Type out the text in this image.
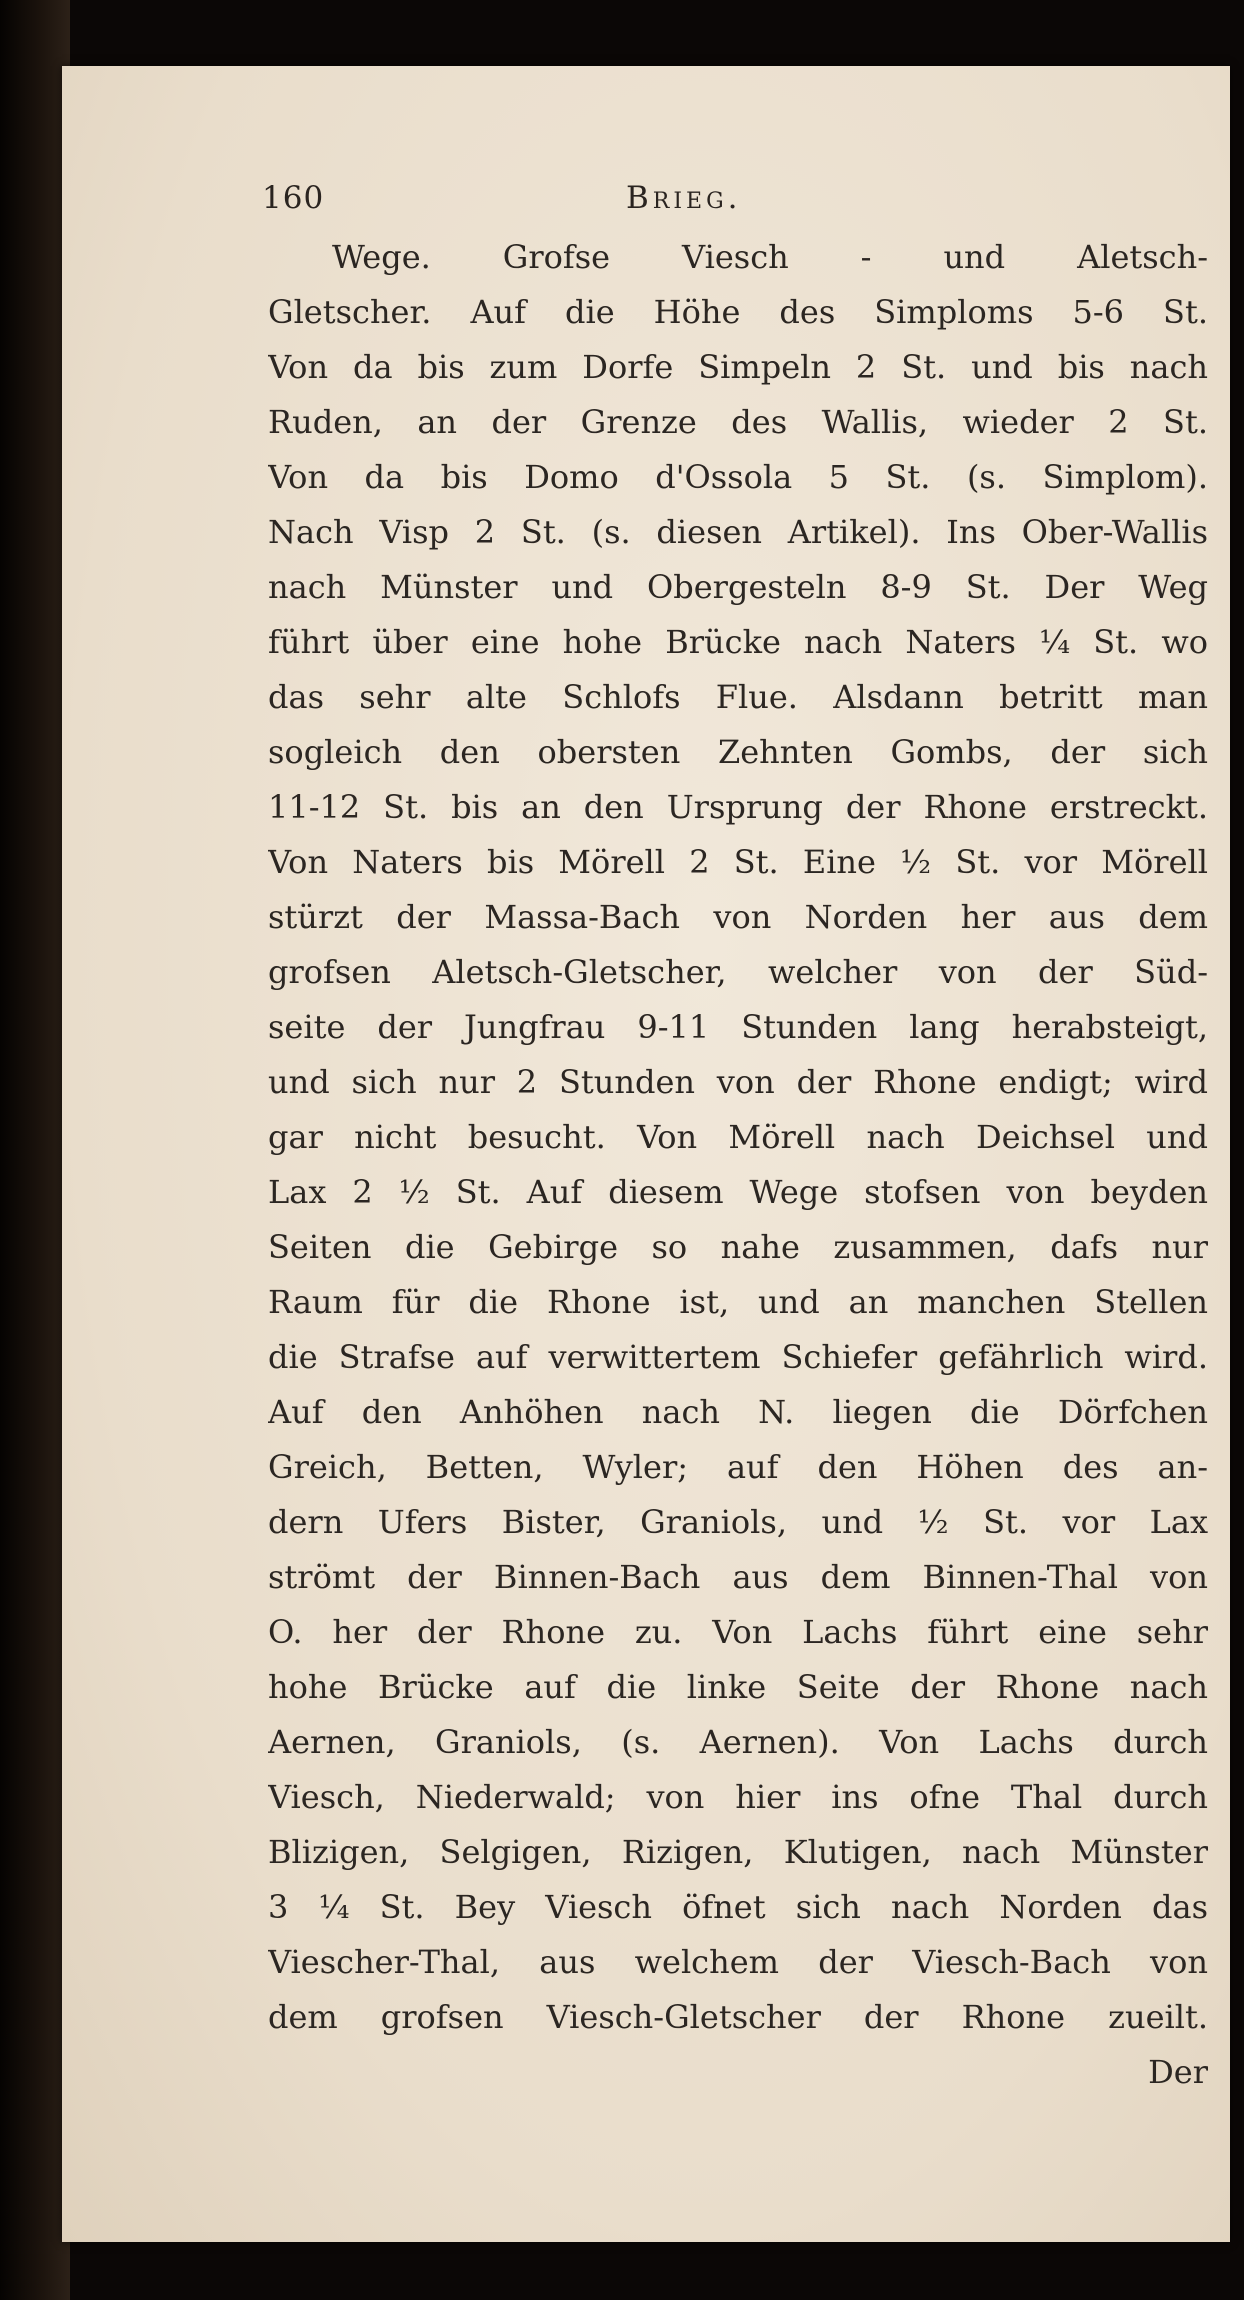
160	Brieg.
Wege. Grofse Viesch - und Aletsch-
Gletscher. Auf die Höhe des Simploms 5-6 St.
Von da bis zum Dorfe Simpeln 2 St. und bis nach
Ruden, an der Grenze des Wallis, wieder 2 St.
Von da bis Domo d'Ossola 5 St. (s. Simplom).
Nach Visp 2 St. (s. diesen Artikel). Ins Ober-Wallis
nach Münster und Obergesteln 8-9 St. Der Weg
führt über eine hohe Brücke nach Naters ¼ St. wo
das sehr alte Schlofs Flue. Alsdann betritt man
sogleich den obersten Zehnten Gombs, der sich
11-12 St. bis an den Ursprung der Rhone erstreckt.
Von Naters bis Mörell 2 St. Eine ½ St. vor Mörell
stürzt der Massa-Bach von Norden her aus dem
grofsen Aletsch-Gletscher, welcher von der Süd-
seite der Jungfrau 9-11 Stunden lang herabsteigt,
und sich nur 2 Stunden von der Rhone endigt; wird
gar nicht besucht. Von Mörell nach Deichsel und
Lax 2 ½ St. Auf diesem Wege stofsen von beyden
Seiten die Gebirge so nahe zusammen, dafs nur
Raum für die Rhone ist, und an manchen Stellen
die Strafse auf verwittertem Schiefer gefährlich wird.
Auf den Anhöhen nach N. liegen die Dörfchen
Greich, Betten, Wyler; auf den Höhen des an-
dern Ufers Bister, Graniols, und ½ St. vor Lax
strömt der Binnen-Bach aus dem Binnen-Thal von
O. her der Rhone zu. Von Lachs führt eine sehr
hohe Brücke auf die linke Seite der Rhone nach
Aernen, Graniols, (s. Aernen). Von Lachs durch
Viesch, Niederwald; von hier ins ofne Thal durch
Blizigen, Selgigen, Rizigen, Klutigen, nach Münster
3 ¼ St. Bey Viesch öfnet sich nach Norden das
Viescher-Thal, aus welchem der Viesch-Bach von
dem grofsen Viesch-Gletscher der Rhone zueilt.
Der
